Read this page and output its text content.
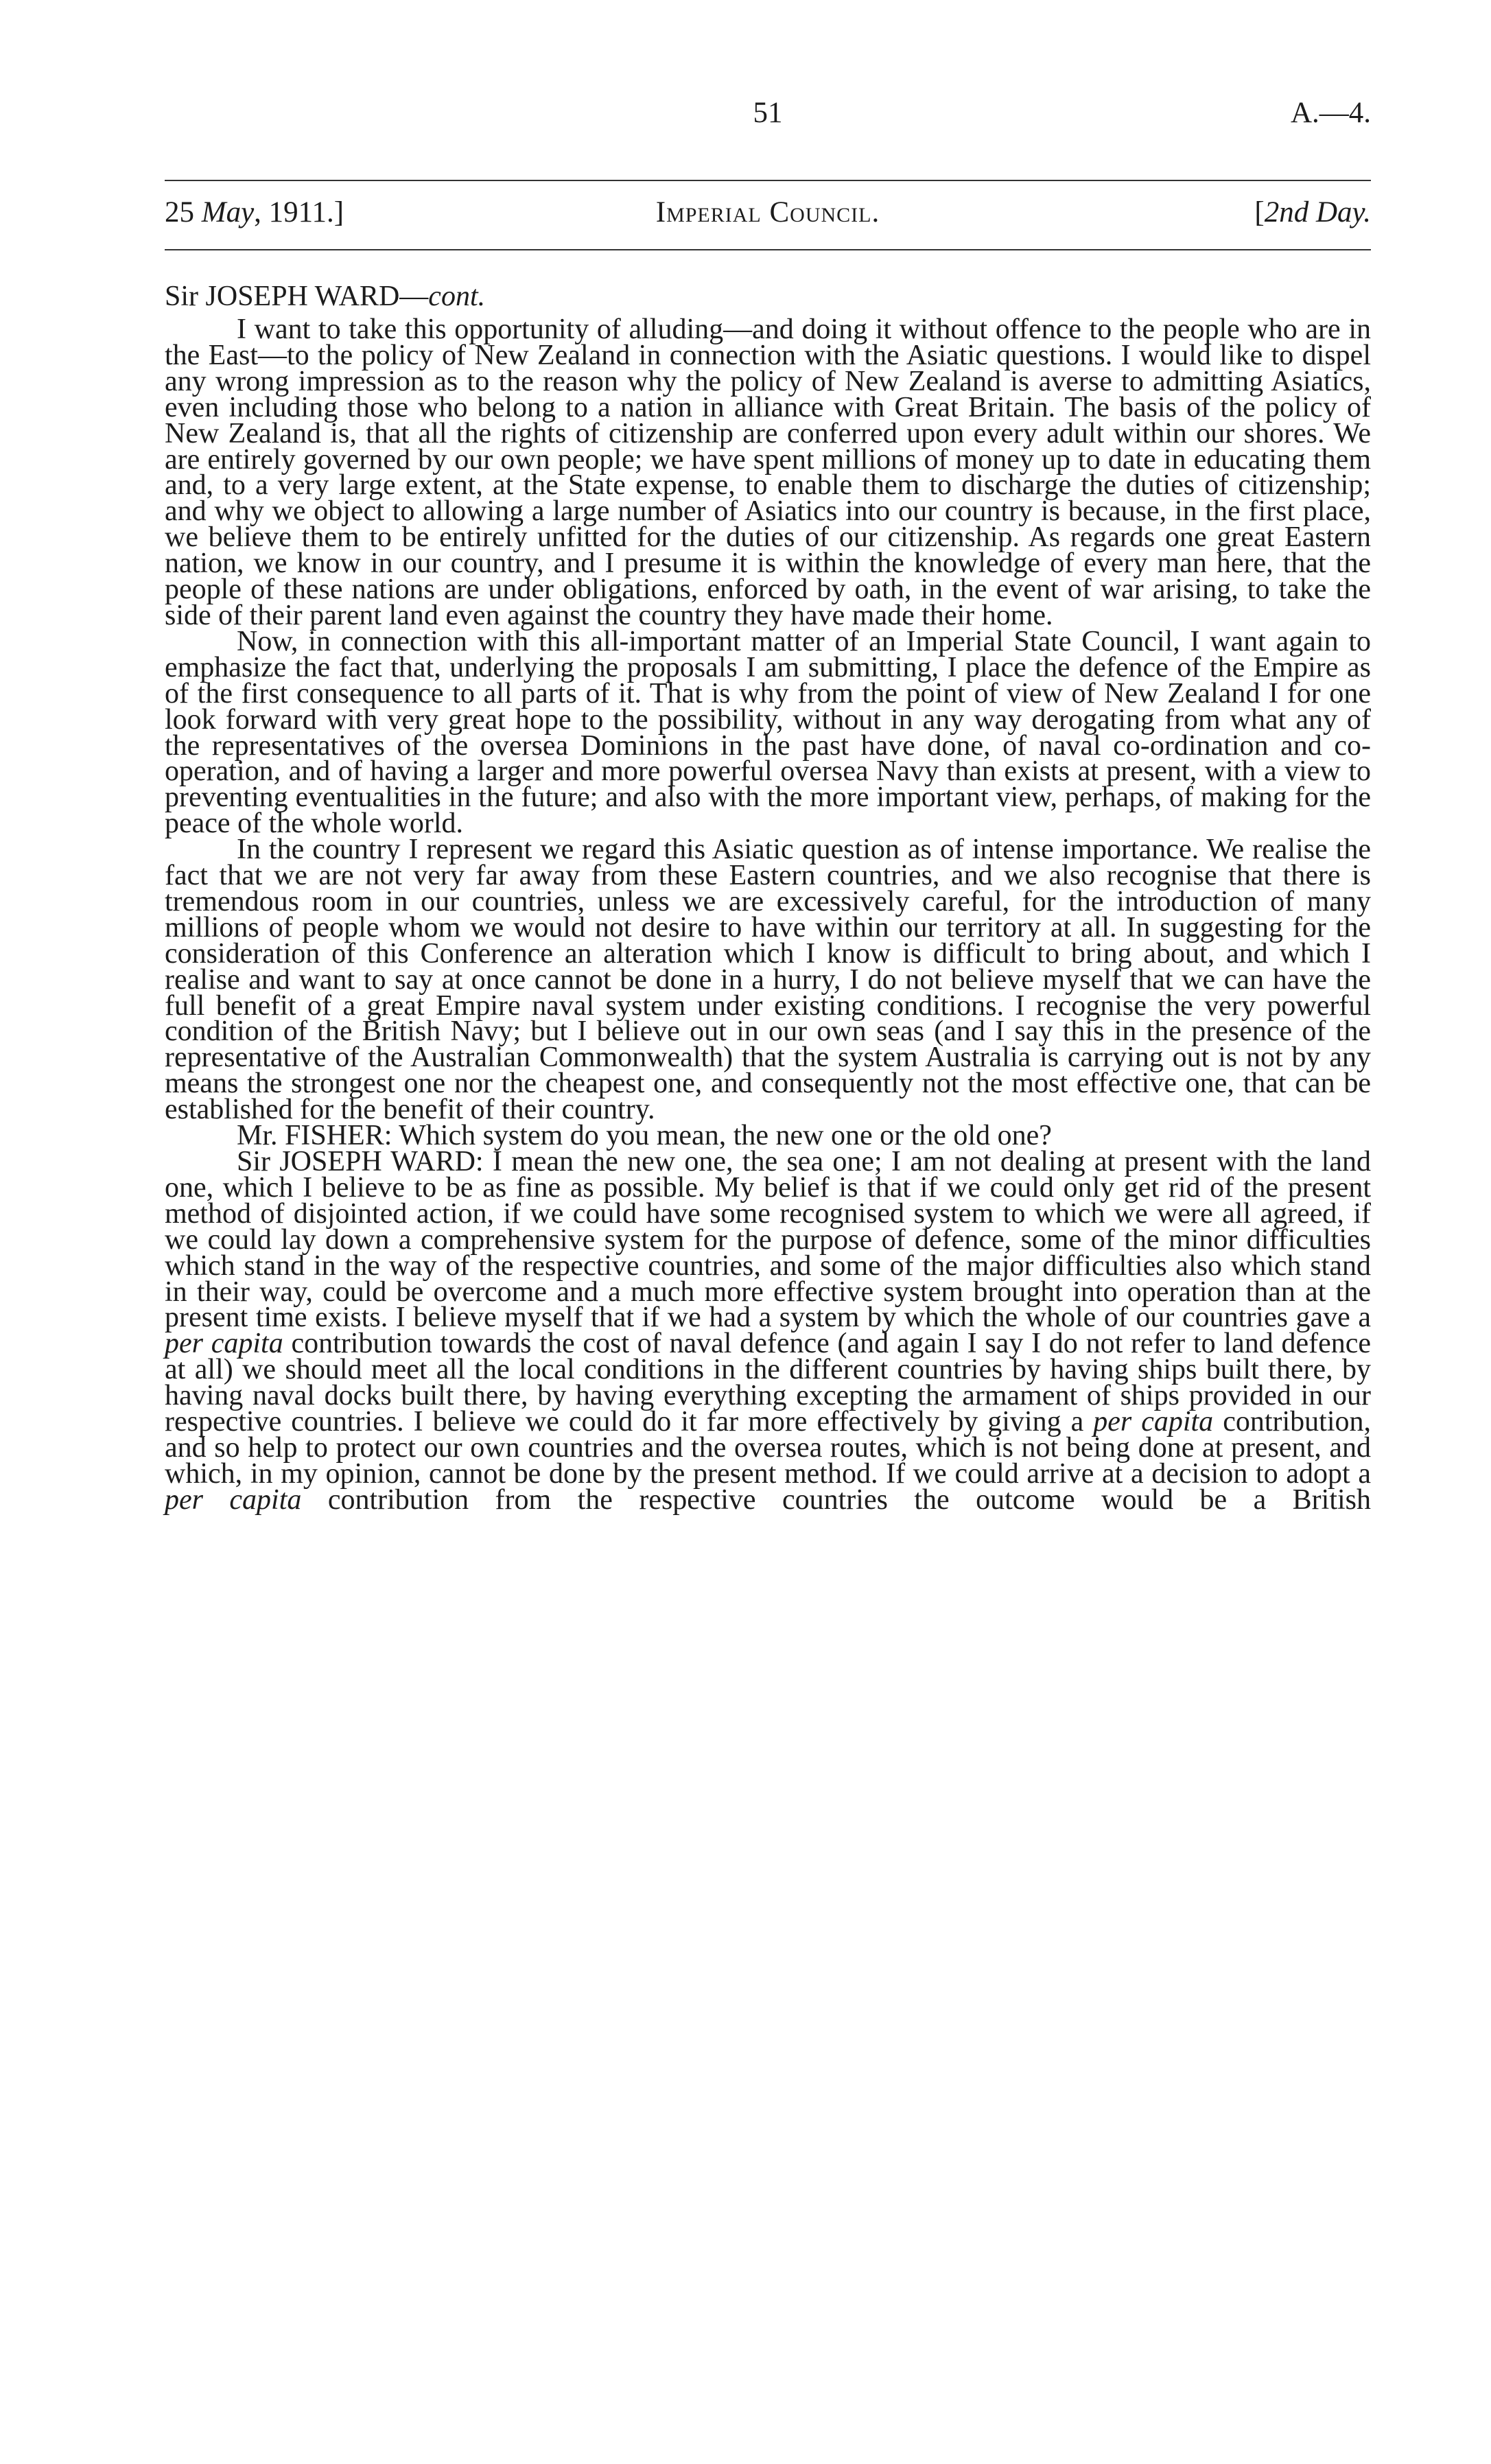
51	A.—4.
25 May, 1911.]	Imperial Council.	[2nd Day.
Sir JOSEPH WARD—cont.

I want to take this opportunity of alluding—and doing it without offence to the people who are in the East—to the policy of New Zealand in connection with the Asiatic questions. I would like to dispel any wrong impression as to the reason why the policy of New Zealand is averse to admitting Asiatics, even including those who belong to a nation in alliance with Great Britain. The basis of the policy of New Zealand is, that all the rights of citizenship are conferred upon every adult within our shores. We are entirely governed by our own people; we have spent millions of money up to date in educating them and, to a very large extent, at the State expense, to enable them to discharge the duties of citizenship; and why we object to allowing a large number of Asiatics into our country is because, in the first place, we believe them to be entirely unfitted for the duties of our citizenship. As regards one great Eastern nation, we know in our country, and I presume it is within the knowledge of every man here, that the people of these nations are under obligations, enforced by oath, in the event of war arising, to take the side of their parent land even against the country they have made their home.

Now, in connection with this all-important matter of an Imperial State Council, I want again to emphasize the fact that, underlying the proposals I am submitting, I place the defence of the Empire as of the first consequence to all parts of it. That is why from the point of view of New Zealand I for one look forward with very great hope to the possibility, without in any way derogating from what any of the representatives of the oversea Dominions in the past have done, of naval co-ordination and co-operation, and of having a larger and more powerful oversea Navy than exists at present, with a view to preventing eventualities in the future; and also with the more important view, perhaps, of making for the peace of the whole world.

In the country I represent we regard this Asiatic question as of intense importance. We realise the fact that we are not very far away from these Eastern countries, and we also recognise that there is tremendous room in our countries, unless we are excessively careful, for the introduction of many millions of people whom we would not desire to have within our territory at all. In suggesting for the consideration of this Conference an alteration which I know is difficult to bring about, and which I realise and want to say at once cannot be done in a hurry, I do not believe myself that we can have the full benefit of a great Empire naval system under existing conditions. I recognise the very powerful condition of the British Navy; but I believe out in our own seas (and I say this in the presence of the representative of the Australian Commonwealth) that the system Australia is carrying out is not by any means the strongest one nor the cheapest one, and consequently not the most effective one, that can be established for the benefit of their country.

Mr. FISHER: Which system do you mean, the new one or the old one?

Sir JOSEPH WARD: I mean the new one, the sea one; I am not dealing at present with the land one, which I believe to be as fine as possible. My belief is that if we could only get rid of the present method of disjointed action, if we could have some recognised system to which we were all agreed, if we could lay down a comprehensive system for the purpose of defence, some of the minor difficulties which stand in the way of the respective countries, and some of the major difficulties also which stand in their way, could be overcome and a much more effective system brought into operation than at the present time exists. I believe myself that if we had a system by which the whole of our countries gave a per capita contribution towards the cost of naval defence (and again I say I do not refer to land defence at all) we should meet all the local conditions in the different countries by having ships built there, by having naval docks built there, by having everything excepting the armament of ships provided in our respective countries. I believe we could do it far more effectively by giving a per capita contribution, and so help to protect our own countries and the oversea routes, which is not being done at present, and which, in my opinion, cannot be done by the present method. If we could arrive at a decision to adopt a per capita contribution from the respective countries the outcome would be a British
